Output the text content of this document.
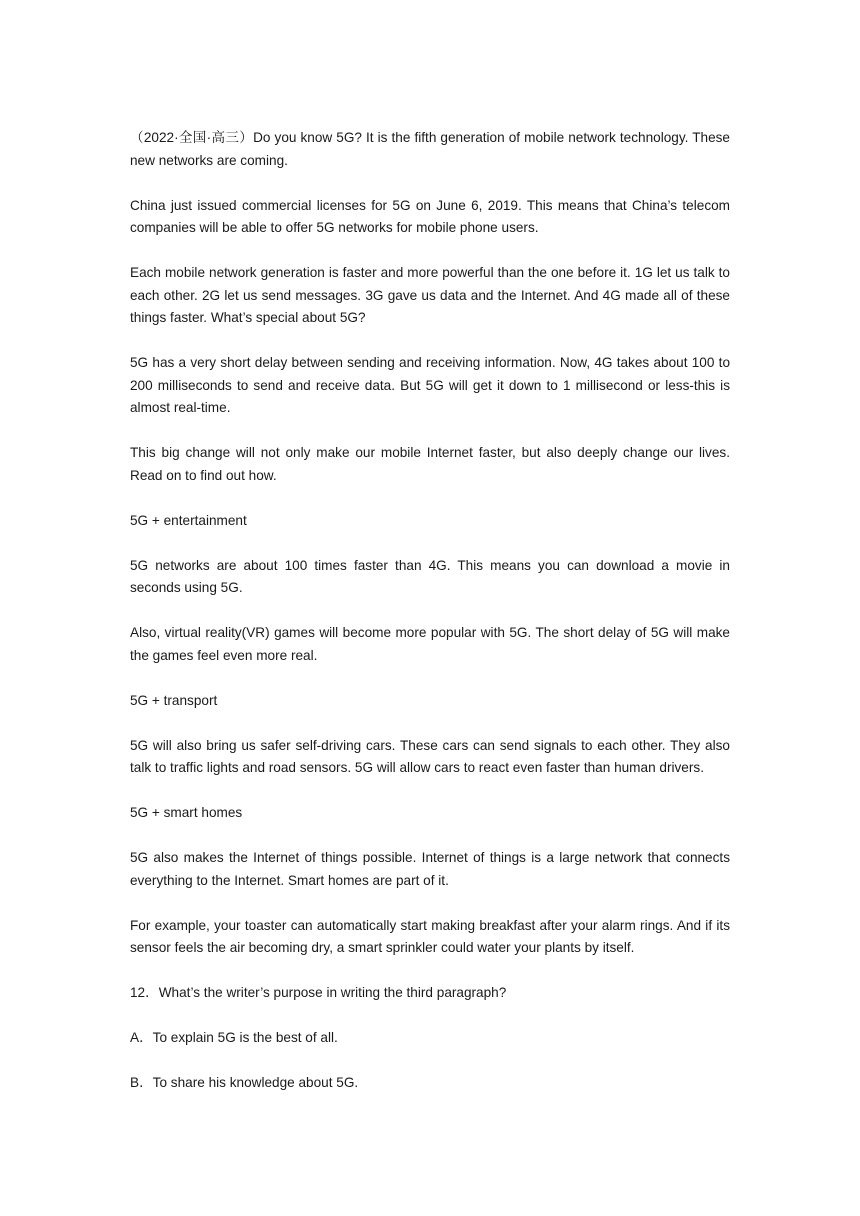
（2022·全国·高三）Do you know 5G? It is the fifth generation of mobile network technology. These new networks are coming.

China just issued commercial licenses for 5G on June 6, 2019. This means that China’s telecom companies will be able to offer 5G networks for mobile phone users.

Each mobile network generation is faster and more powerful than the one before it. 1G let us talk to each other. 2G let us send messages. 3G gave us data and the Internet. And 4G made all of these things faster. What’s special about 5G?

5G has a very short delay between sending and receiving information. Now, 4G takes about 100 to 200 milliseconds to send and receive data. But 5G will get it down to 1 millisecond or less-this is almost real-time.

This big change will not only make our mobile Internet faster, but also deeply change our lives. Read on to find out how.

5G + entertainment

5G networks are about 100 times faster than 4G. This means you can download a movie in seconds using 5G.

Also, virtual reality(VR) games will become more popular with 5G. The short delay of 5G will make the games feel even more real.

5G + transport

5G will also bring us safer self-driving cars. These cars can send signals to each other. They also talk to traffic lights and road sensors. 5G will allow cars to react even faster than human drivers.

5G + smart homes

5G also makes the Internet of things possible. Internet of things is a large network that connects everything to the Internet. Smart homes are part of it.

For example, your toaster can automatically start making breakfast after your alarm rings. And if its sensor feels the air becoming dry, a smart sprinkler could water your plants by itself.

12．What’s the writer’s purpose in writing the third paragraph?

A．To explain 5G is the best of all.

B．To share his knowledge about 5G.
